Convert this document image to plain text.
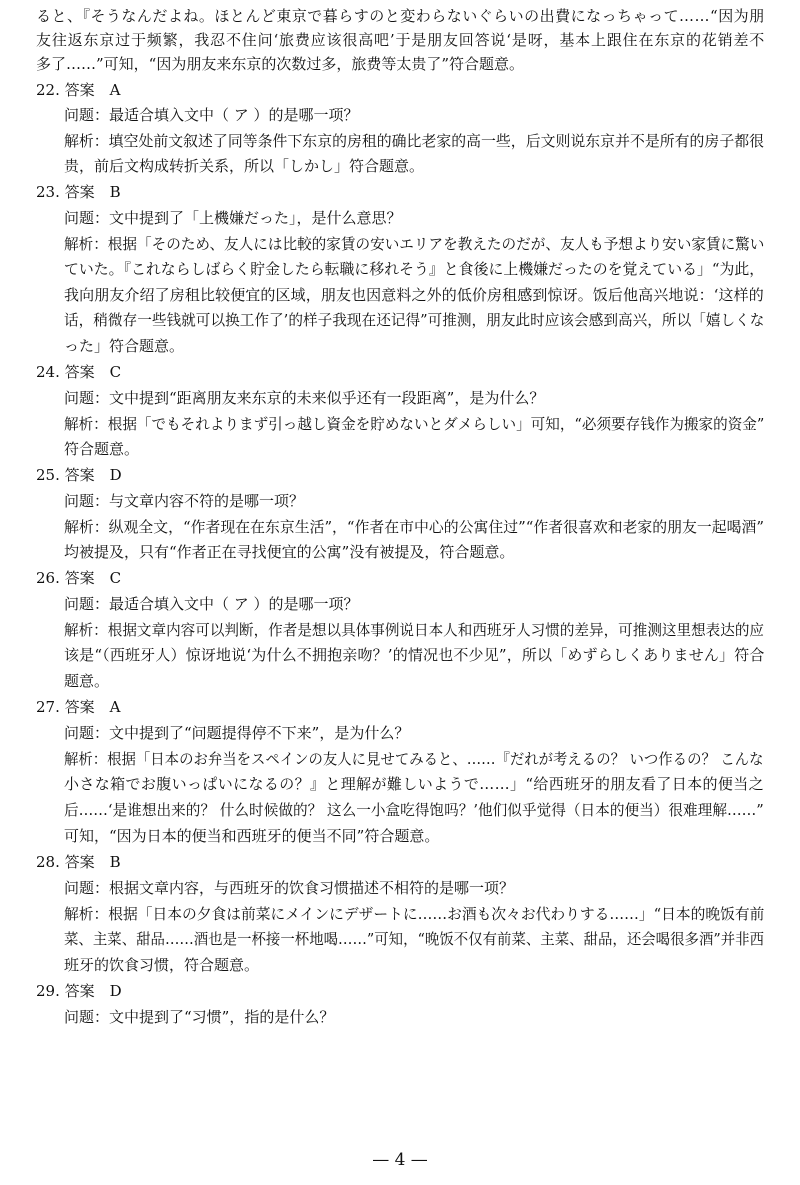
ると、『そうなんだよね。ほとんど東京で暮らすのと変わらないぐらいの出費になっちゃって……“因为朋
友往返东京过于频繁，我忍不住问‘旅费应该很高吧’于是朋友回答说‘是呀，基本上跟住在东京的花销差不
多了……”可知，“因为朋友来东京的次数过多，旅费等太贵了”符合题意。
22. 答案　A
问题：最适合填入文中（ ア ）的是哪一项？
解析：填空处前文叙述了同等条件下东京的房租的确比老家的高一些，后文则说东京并不是所有的房子都很
贵，前后文构成转折关系，所以「しかし」符合题意。
23. 答案　B
问题：文中提到了「上機嫌だった」，是什么意思？
解析：根据「そのため、友人には比較的家賃の安いエリアを教えたのだが、友人も予想より安い家賃に驚い
ていた。『これならしばらく貯金したら転職に移れそう』と食後に上機嫌だったのを覚えている」“为此，
我向朋友介绍了房租比较便宜的区域，朋友也因意料之外的低价房租感到惊讶。饭后他高兴地说：‘这样的
话，稍微存一些钱就可以换工作了’的样子我现在还记得”可推测，朋友此时应该会感到高兴，所以「嬉しくな
った」符合题意。
24. 答案　C
问题：文中提到“距离朋友来东京的未来似乎还有一段距离”，是为什么？
解析：根据「でもそれよりまず引っ越し資金を貯めないとダメらしい」可知，“必须要存钱作为搬家的资金”
符合题意。
25. 答案　D
问题：与文章内容不符的是哪一项？
解析：纵观全文，“作者现在在东京生活”，“作者在市中心的公寓住过”“作者很喜欢和老家的朋友一起喝酒”
均被提及，只有“作者正在寻找便宜的公寓”没有被提及，符合题意。
26. 答案　C
问题：最适合填入文中（ ア ）的是哪一项？
解析：根据文章内容可以判断，作者是想以具体事例说日本人和西班牙人习惯的差异，可推测这里想表达的应
该是“（西班牙人）惊讶地说‘为什么不拥抱亲吻？’的情况也不少见”，所以「めずらしくありません」符合
题意。
27. 答案　A
问题：文中提到了“问题提得停不下来”，是为什么？
解析：根据「日本のお弁当をスペインの友人に見せてみると、……『だれが考えるの？ いつ作るの？ こんな
小さな箱でお腹いっぱいになるの？』と理解が難しいようで……」“给西班牙的朋友看了日本的便当之
后……‘是谁想出来的？ 什么时候做的？ 这么一小盒吃得饱吗？’他们似乎觉得（日本的便当）很难理解……”
可知，“因为日本的便当和西班牙的便当不同”符合题意。
28. 答案　B
问题：根据文章内容，与西班牙的饮食习惯描述不相符的是哪一项？
解析：根据「日本の夕食は前菜にメインにデザートに……お酒も次々お代わりする……」“日本的晚饭有前
菜、主菜、甜品……酒也是一杯接一杯地喝……”可知，“晚饭不仅有前菜、主菜、甜品，还会喝很多酒”并非西
班牙的饮食习惯，符合题意。
29. 答案　D
问题：文中提到了“习惯”，指的是什么？
— 4 —
